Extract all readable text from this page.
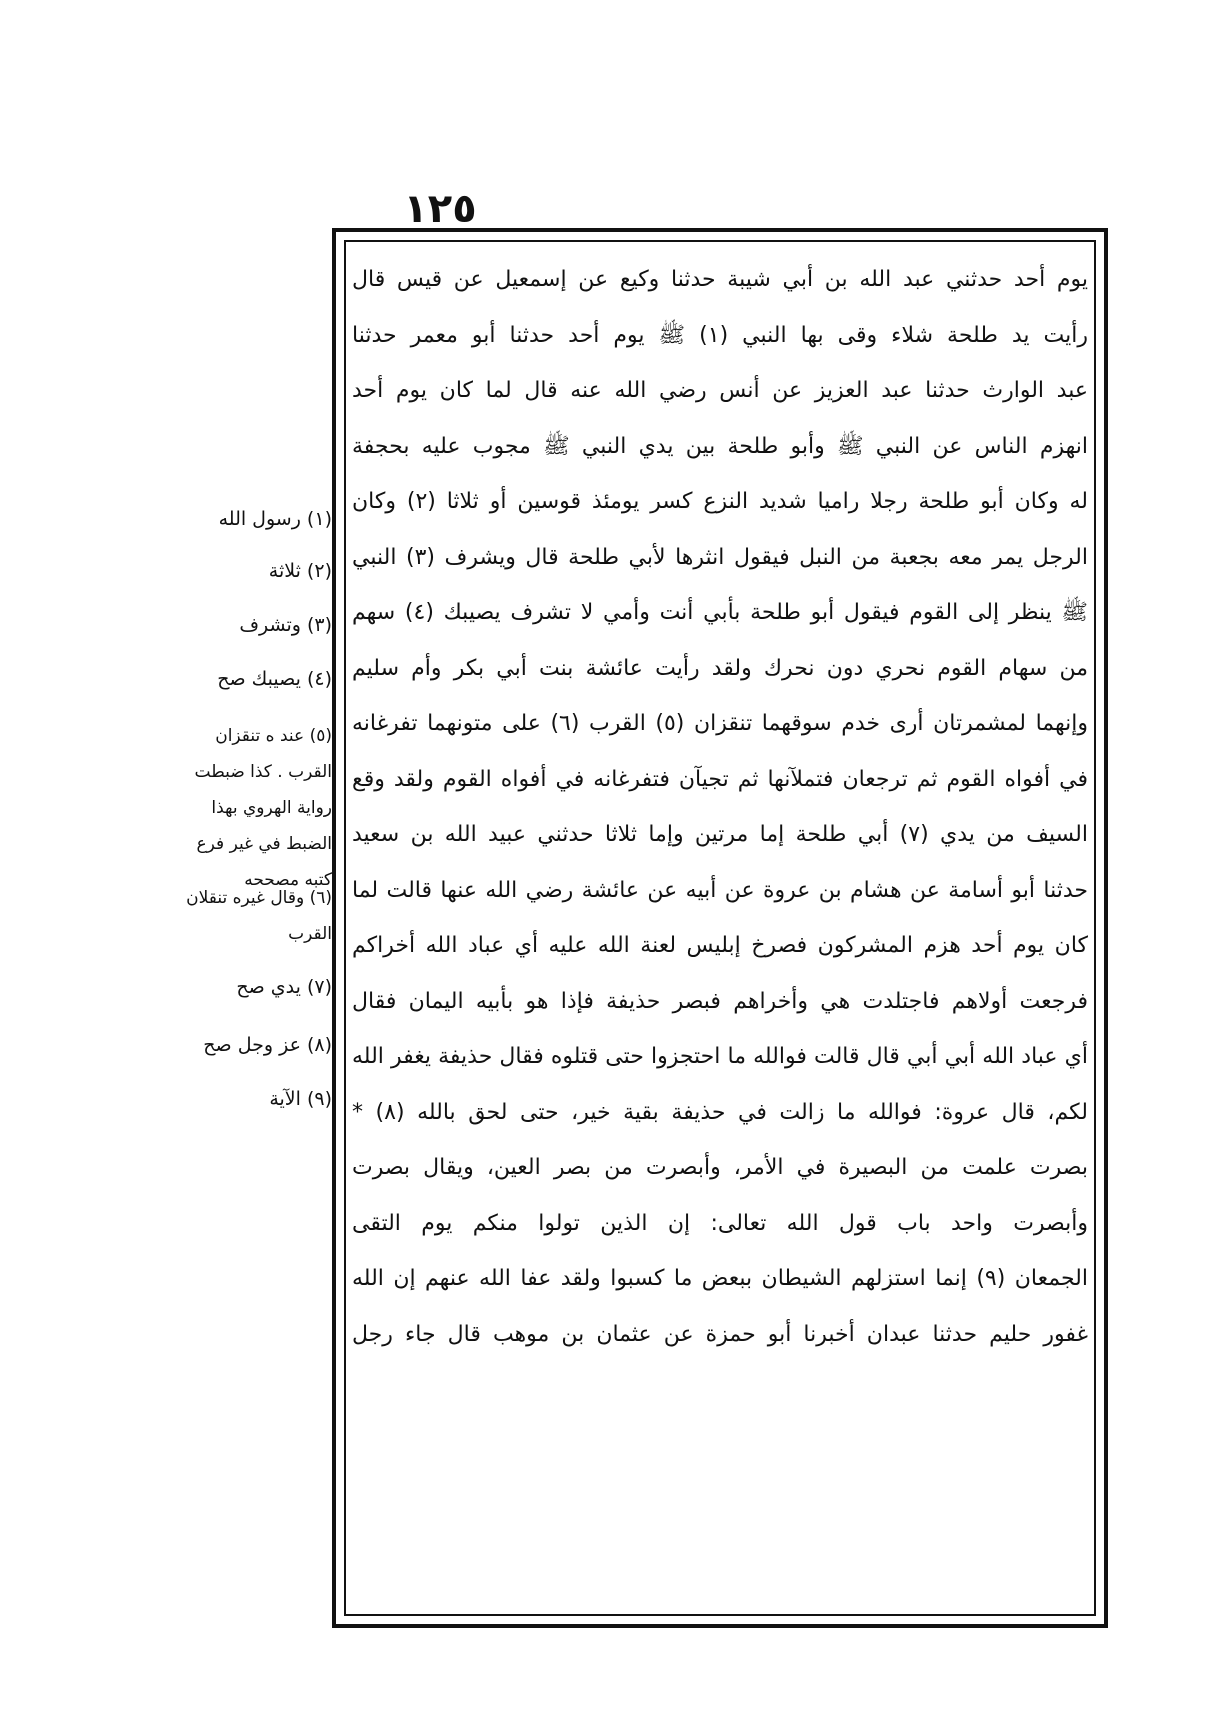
١٢٥
يوم أحد حدثني عبد الله بن أبي شيبة حدثنا وكيع عن إسمعيل عن قيس قال
رأيت يد طلحة شلاء وقى بها النبي (١) ﷺ يوم أحد حدثنا أبو معمر حدثنا
عبد الوارث حدثنا عبد العزيز عن أنس رضي الله عنه قال لما كان يوم أحد
انهزم الناس عن النبي ﷺ وأبو طلحة بين يدي النبي ﷺ مجوب عليه بحجفة
له وكان أبو طلحة رجلا راميا شديد النزع كسر يومئذ قوسين أو ثلاثا (٢) وكان
الرجل يمر معه بجعبة من النبل فيقول انثرها لأبي طلحة قال ويشرف (٣) النبي
ﷺ ينظر إلى القوم فيقول أبو طلحة بأبي أنت وأمي لا تشرف يصيبك (٤) سهم
من سهام القوم نحري دون نحرك ولقد رأيت عائشة بنت أبي بكر وأم سليم
وإنهما لمشمرتان أرى خدم سوقهما تنقزان (٥) القرب (٦) على متونهما تفرغانه
في أفواه القوم ثم ترجعان فتملآنها ثم تجيآن فتفرغانه في أفواه القوم ولقد وقع
السيف من يدي (٧) أبي طلحة إما مرتين وإما ثلاثا حدثني عبيد الله بن سعيد
حدثنا أبو أسامة عن هشام بن عروة عن أبيه عن عائشة رضي الله عنها قالت لما
كان يوم أحد هزم المشركون فصرخ إبليس لعنة الله عليه أي عباد الله أخراكم
فرجعت أولاهم فاجتلدت هي وأخراهم فبصر حذيفة فإذا هو بأبيه اليمان فقال
أي عباد الله أبي أبي قال قالت فوالله ما احتجزوا حتى قتلوه فقال حذيفة يغفر الله
لكم، قال عروة: فوالله ما زالت في حذيفة بقية خير، حتى لحق بالله (٨) *
بصرت علمت من البصيرة في الأمر، وأبصرت من بصر العين، ويقال بصرت
وأبصرت واحد باب قول الله تعالى: إن الذين تولوا منكم يوم التقى
الجمعان (٩) إنما استزلهم الشيطان ببعض ما كسبوا ولقد عفا الله عنهم إن الله
غفور حليم حدثنا عبدان أخبرنا أبو حمزة عن عثمان بن موهب قال جاء رجل
(١) رسول الله
(٢) ثلاثة
(٣) وتشرف
(٤) يصيبك صح
(٥) عند ه تنقزان القرب . كذا ضبطت رواية الهروي بهذا الضبط في غير فرع كتبه مصححه
(٦) وقال غيره تنقلان القرب
(٧) يدي صح
(٨) عز وجل صح
(٩) الآية
